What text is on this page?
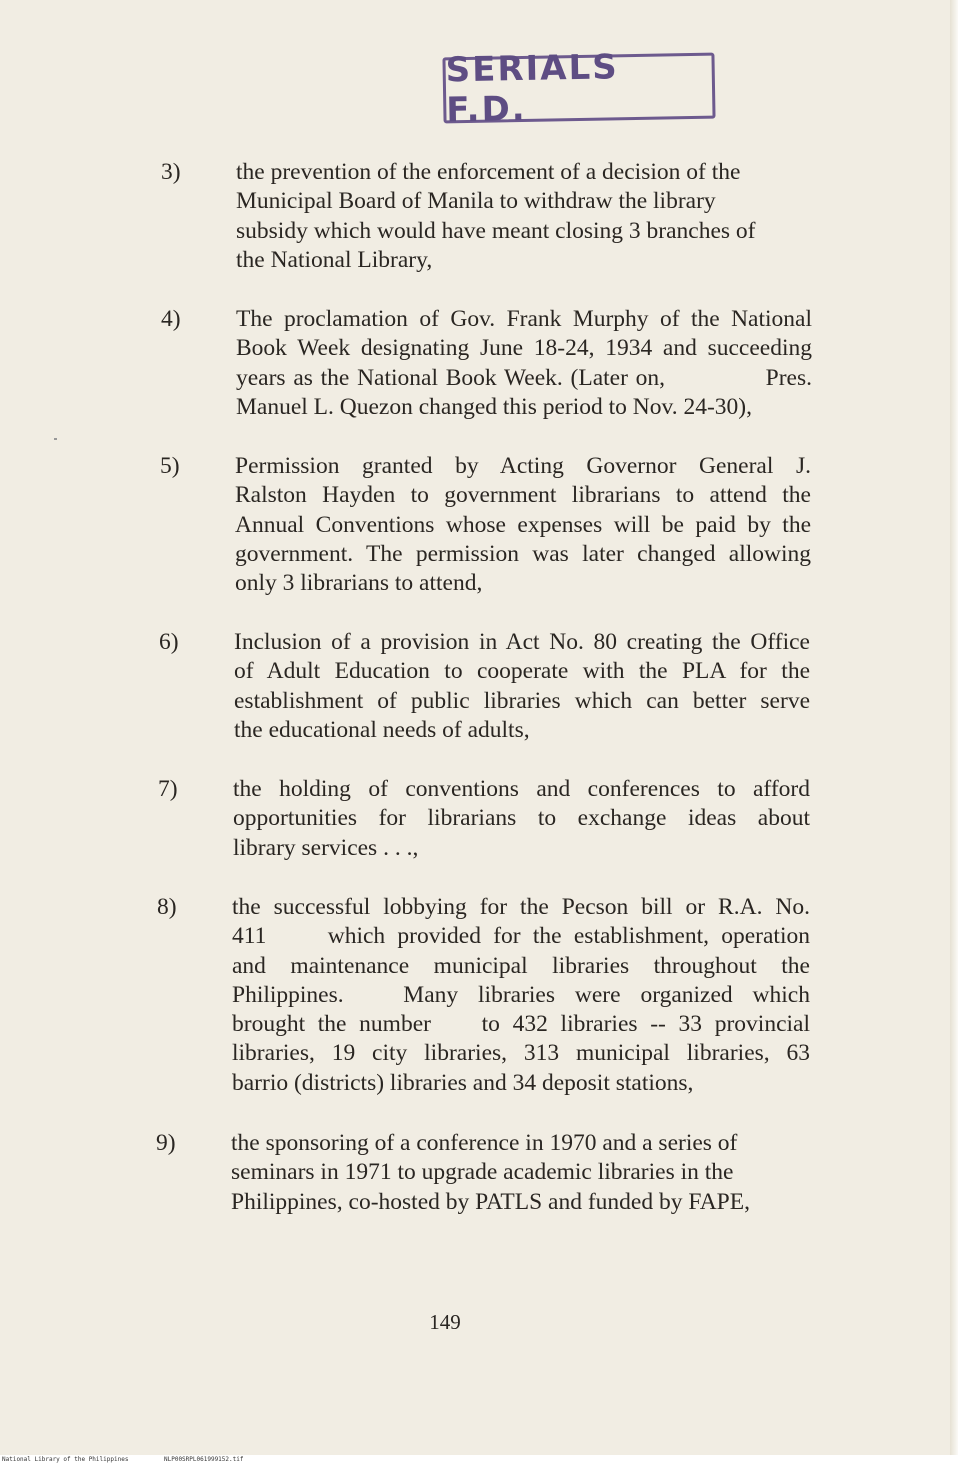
SERIALS F.D.
3) the prevention of the enforcement of a decision of the
Municipal Board of Manila to withdraw the library
subsidy which would have meant closing 3 branches of
the National Library,
4) The proclamation of Gov. Frank Murphy of the National
Book Week designating June 18-24, 1934 and succeeding
years as the National Book Week. (Later on,             Pres.
Manuel L. Quezon changed this period to Nov. 24-30),
5) Permission granted by Acting Governor General J.
Ralston Hayden to government librarians to attend the
Annual Conventions whose expenses will be paid by the
government. The permission was later changed allowing
only 3 librarians to attend,
6) Inclusion of a provision in Act No. 80 creating the Office
of Adult Education to cooperate with the PLA for the
establishment of public libraries which can better serve
the educational needs of adults,
7) the holding of conventions and conferences to afford
opportunities for librarians to exchange ideas about
library services . . .,
8) the successful lobbying for the Pecson bill or R.A. No.
411     which provided for the establishment, operation
and maintenance municipal libraries throughout the
Philippines.   Many libraries were organized which
brought the number    to 432 libraries -- 33 provincial
libraries, 19 city libraries, 313 municipal libraries, 63
barrio (districts) libraries and 34 deposit stations,
9) the sponsoring of a conference in 1970 and a series of
seminars in 1971 to upgrade academic libraries in the
Philippines, co-hosted by PATLS and funded by FAPE,
149
National Library of the Philippines	NLP00SRPL061999152.tif
